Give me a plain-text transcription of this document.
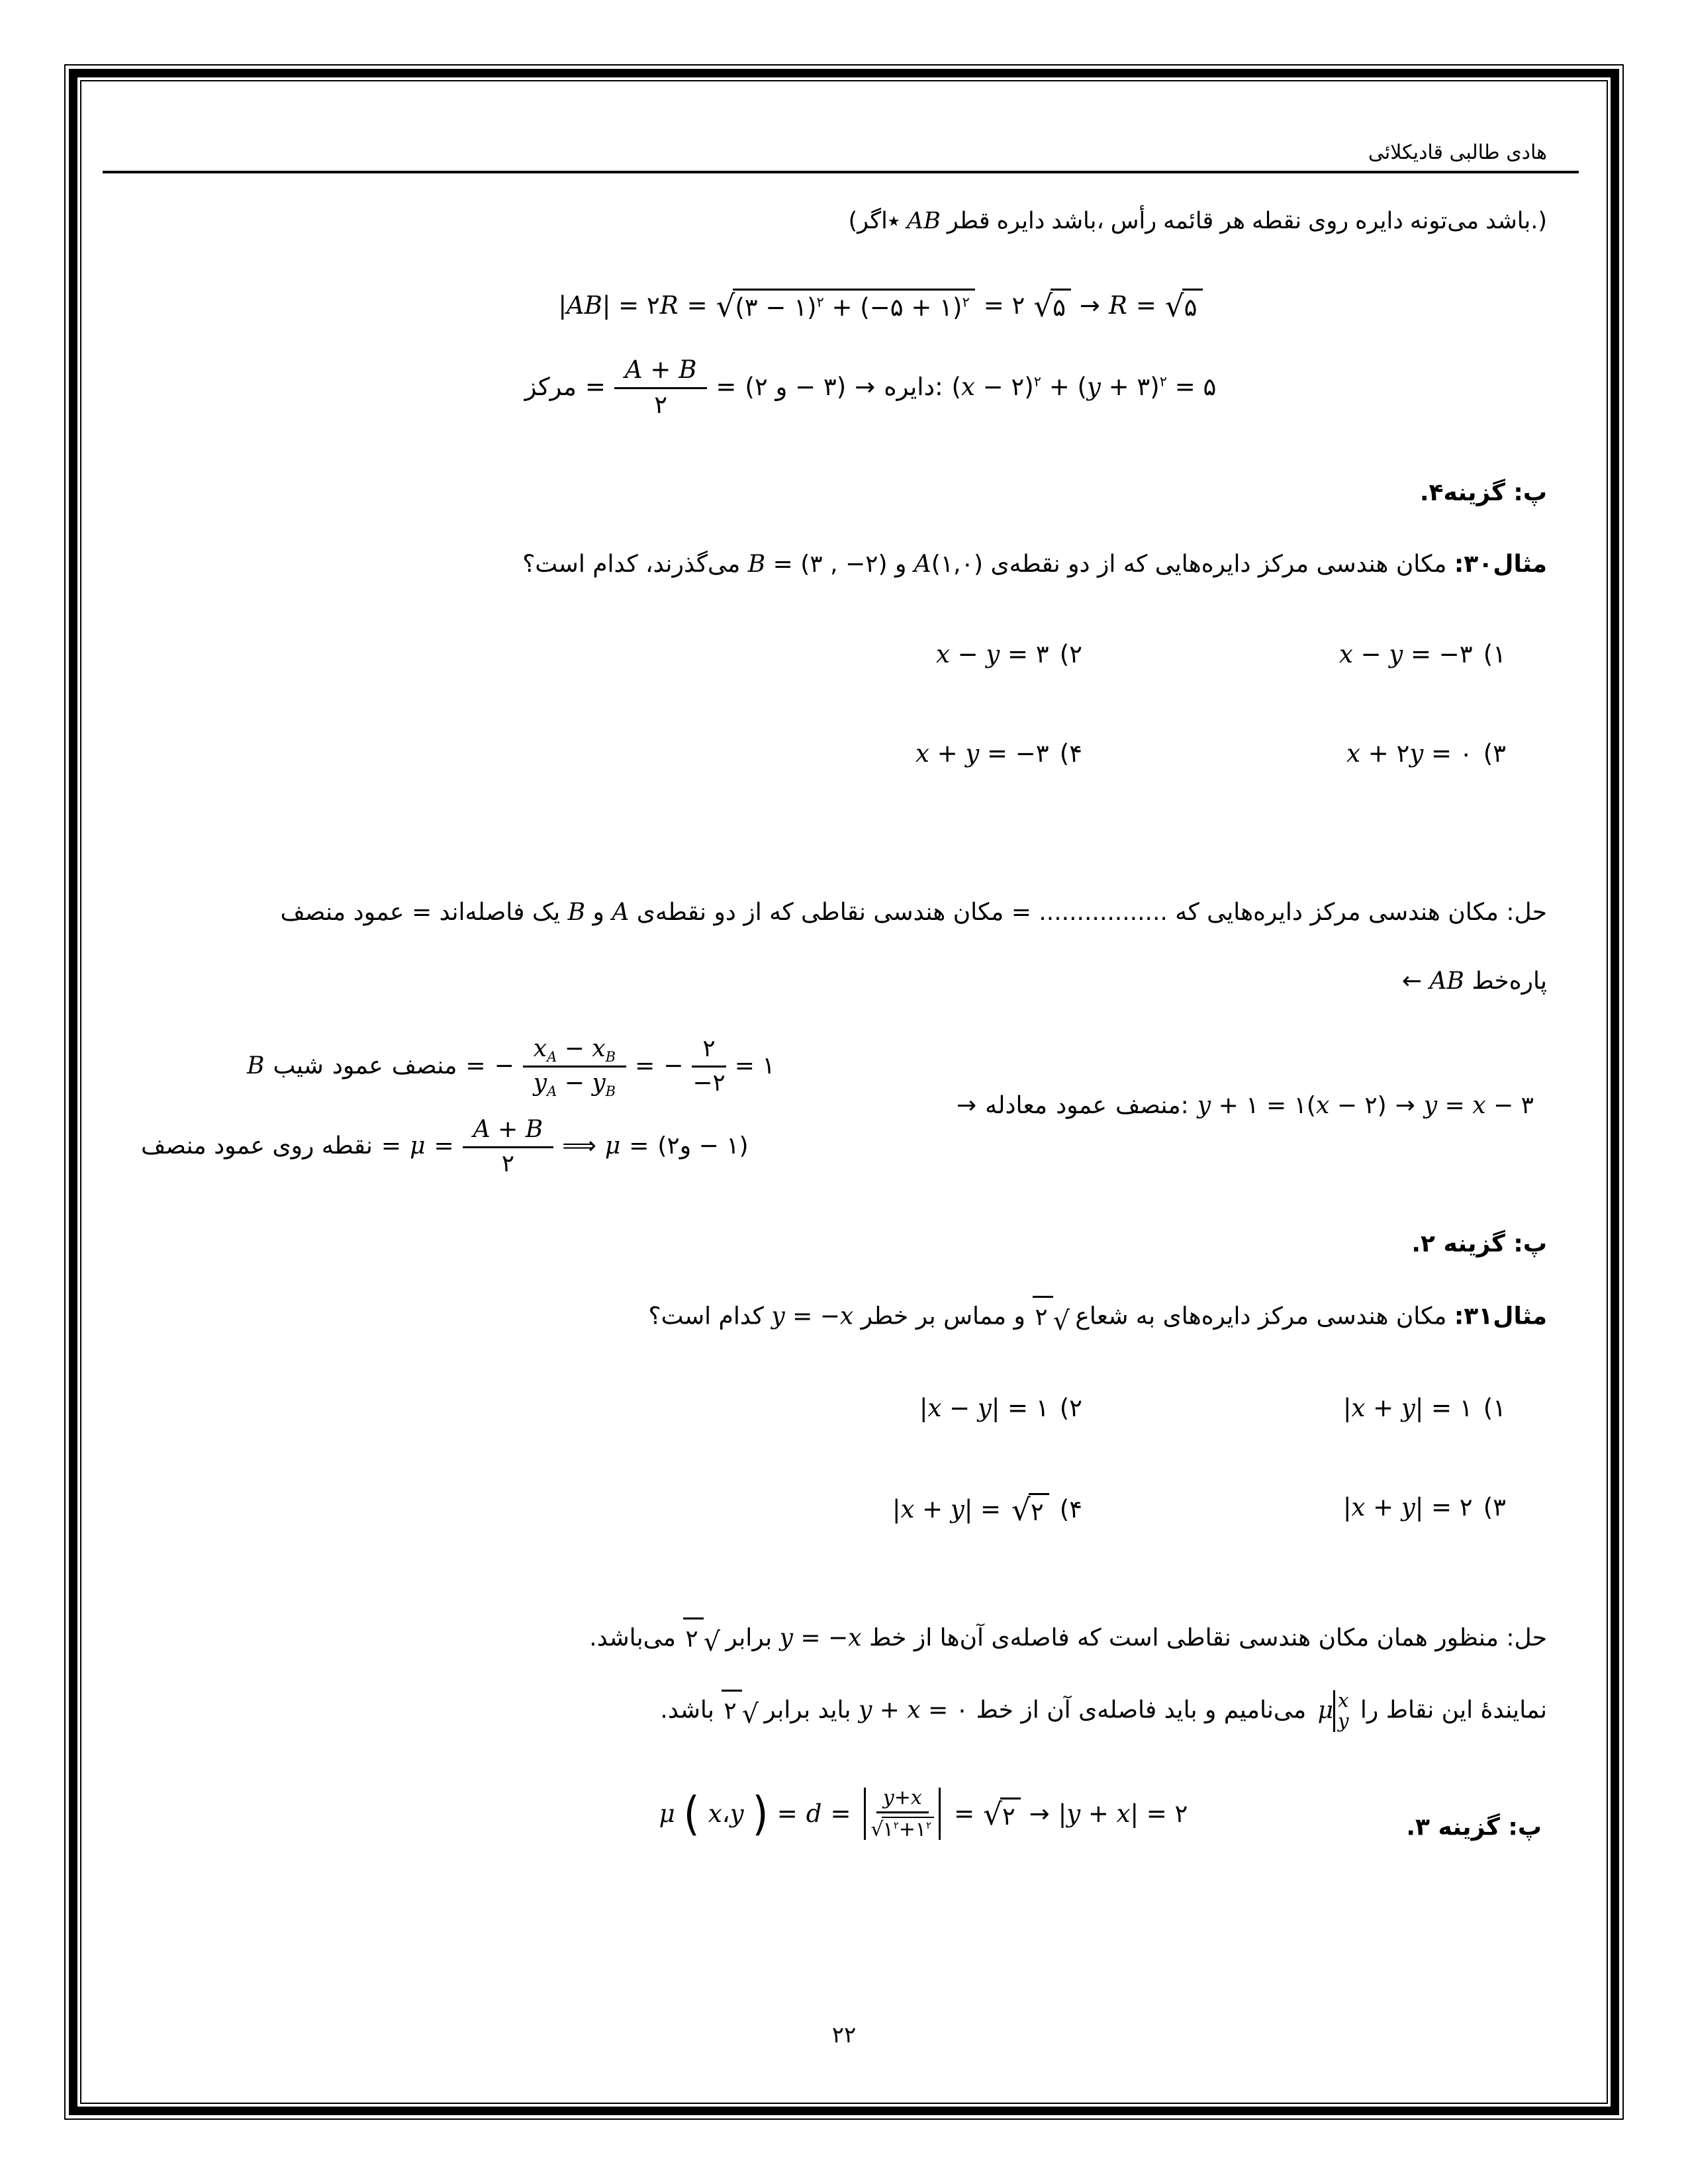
هادی طالبی قادیکلائی
(٭اگر AB قطر دایره باشد، رأس قائمه هر نقطه روی دایره می‌تونه باشد.)
|AB| = ۲R = √ (۳ − ۱)$^۲$ + (−۵ + ۱)$^۲$ = ۲ √ ۵ → R = √ ۵
مرکز = $\frac{A + B}{۲}$ = (۲ و − ۳) → دایره: (x − ۲)$^۲$ + (y + ۳)$^۲$ = ۵
پ: گزینه۴.
مثال۳۰: مکان هندسی مرکز دایره‌هایی که از دو نقطه‌ی A(۱,۰) و B = (۳ , −۲) می‌گذرند، کدام است؟
x − y = −۳ (۱
x − y = ۳ (۲
x + ۲y = ۰ (۳
x + y = −۳ (۴
حل: مکان هندسی مرکز دایره‌هایی که ................. = مکان هندسی نقاطی که از دو نقطه‌ی A و B یک فاصله‌اند = عمود منصف
پاره‌خط AB ←
B شیب عمود منصف = − $\frac{x_A - x_B}{y_A - y_B}$ = − $\frac{۲}{-۲}$ = ۱
نقطه روی عمود منصف = $\mu = \frac{A + B}{۲}$ ⟹ μ = (۲و − ۱)
→ معادله عمود منصف: y + ۱ = ۱(x − ۲) → y = x − ۳
پ: گزینه ۲.
مثال۳۱: مکان هندسی مرکز دایره‌های به شعاع
√
۲
و مماس بر خطر y = −x کدام است؟
|x + y| = ۱ (۱
|x − y| = ۱ (۲
|x + y| = ۲ (۳
|x + y| = √ ۲ (۴
حل: منظور همان مکان هندسی نقاطی است که فاصله‌ی آن‌ها از خط y = −x برابر
√
۲
می‌باشد.
نمایندهٔ این نقاط را
μ x
y
می‌نامیم و باید فاصله‌ی آن از خط y + x = ۰ باید برابر
√
۲
باشد.
μ ( x،y ) = $d = \frac{y+x}{√ ۱^۲+۱^۲}$ = √ ۲ → |y + x| = ۲	پ: گزینه ۳.
۲۲
